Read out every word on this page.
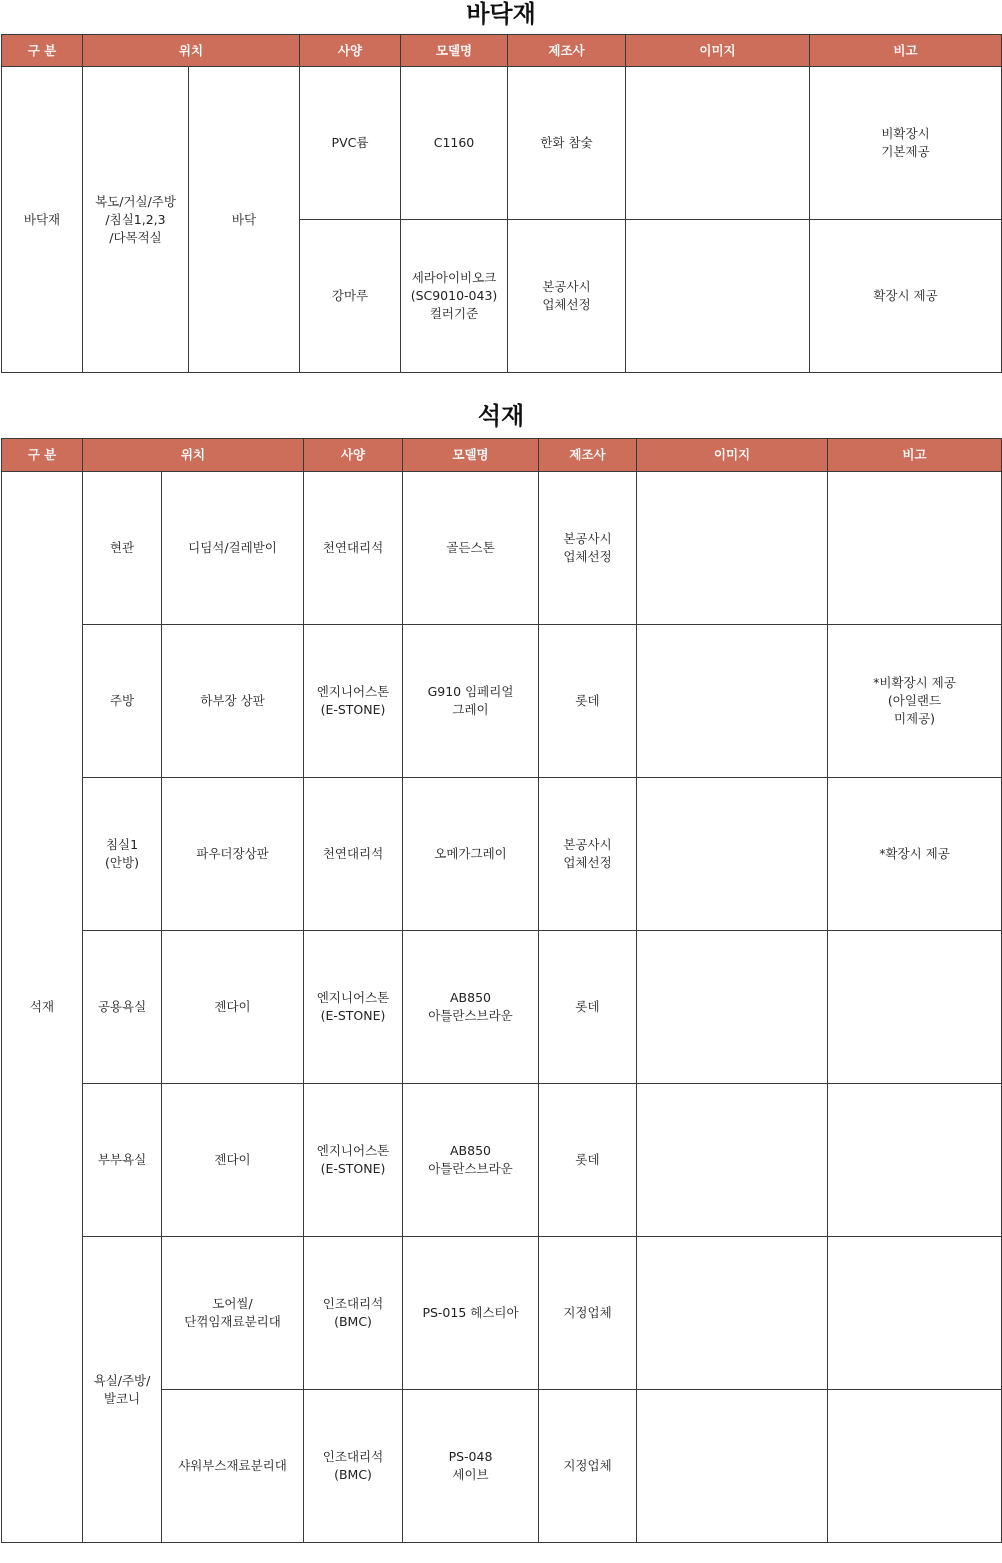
바닥재
구 분	위치		사양	모델명	제조사	이미지	비고
바닥재	복도/거실/주방
/침실1,2,3
/다목적실	바닥	PVC륨	C1160	한화 참숯		비확장시
기본제공
			강마루	세라아이비오크
(SC9010-043)
컬러기준	본공사시
업체선정		확장시 제공
석재
구 분	위치		사양	모델명	제조사	이미지	비고
석재	현관	디딤석/걸레받이	천연대리석	골든스톤	본공사시
업체선정	

	주방	하부장 상판	엔지니어스톤
(E-STONE)	G910 임페리얼
그레이	롯데		*비확장시 제공
(아일랜드
미제공)
	침실1
(안방)	파우더장상판	천연대리석	오메가그레이	본공사시
업체선정		*확장시 제공
	공용욕실	젠다이	엔지니어스톤
(E-STONE)	AB850
아틀란스브라운	롯데	

	부부욕실	젠다이	엔지니어스톤
(E-STONE)	AB850
아틀란스브라운	롯데	

	욕실/주방/
발코니	도어씰/
단꺾임재료분리대	인조대리석
(BMC)	PS-015 헤스티아	지정업체	

		샤워부스재료분리대	인조대리석
(BMC)	PS-048
세이브	지정업체	
